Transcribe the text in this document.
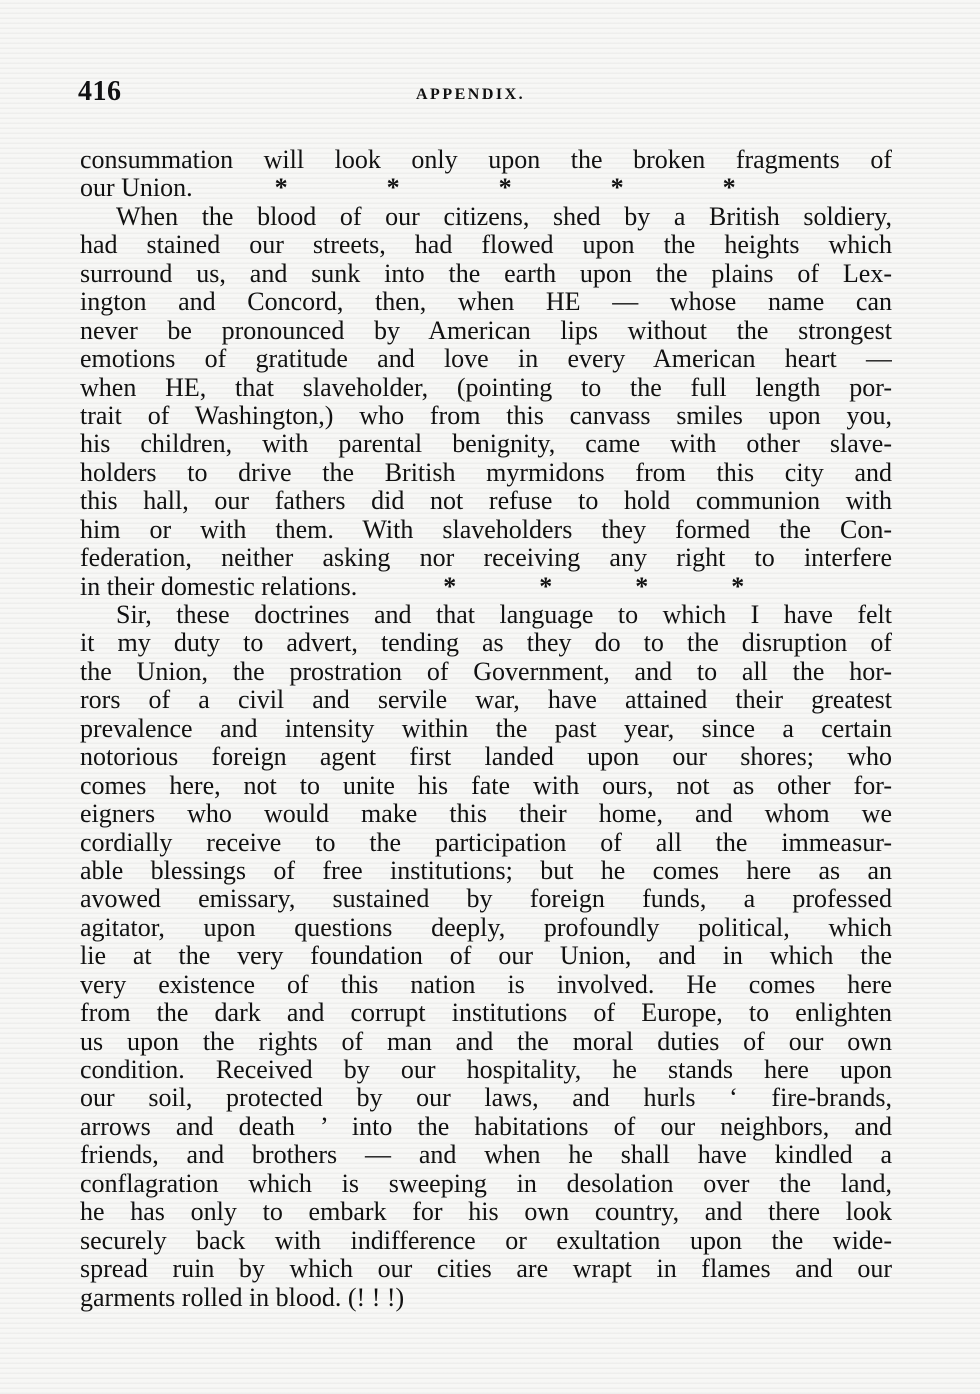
416	APPENDIX.
consummation will look only upon the broken fragments of
our Union.	*	*	*	*	*
When the blood of our citizens, shed by a British soldiery,
had stained our streets, had flowed upon the heights which
surround us, and sunk into the earth upon the plains of Lex-
ington and Concord, then, when HE — whose name can
never be pronounced by American lips without the strongest
emotions of gratitude and love in every American heart —
when HE, that slaveholder, (pointing to the full length por-
trait of Washington,) who from this canvass smiles upon you,
his children, with parental benignity, came with other slave-
holders to drive the British myrmidons from this city and
this hall, our fathers did not refuse to hold communion with
him or with them. With slaveholders they formed the Con-
federation, neither asking nor receiving any right to interfere
in their domestic relations.	*	*	*	*
Sir, these doctrines and that language to which I have felt
it my duty to advert, tending as they do to the disruption of
the Union, the prostration of Government, and to all the hor-
rors of a civil and servile war, have attained their greatest
prevalence and intensity within the past year, since a certain
notorious foreign agent first landed upon our shores; who
comes here, not to unite his fate with ours, not as other for-
eigners who would make this their home, and whom we
cordially receive to the participation of all the immeasur-
able blessings of free institutions; but he comes here as an
avowed emissary, sustained by foreign funds, a professed
agitator, upon questions deeply, profoundly political, which
lie at the very foundation of our Union, and in which the
very existence of this nation is involved. He comes here
from the dark and corrupt institutions of Europe, to enlighten
us upon the rights of man and the moral duties of our own
condition. Received by our hospitality, he stands here upon
our soil, protected by our laws, and hurls ‘ fire-brands,
arrows and death ’ into the habitations of our neighbors, and
friends, and brothers — and when he shall have kindled a
conflagration which is sweeping in desolation over the land,
he has only to embark for his own country, and there look
securely back with indifference or exultation upon the wide-
spread ruin by which our cities are wrapt in flames and our
garments rolled in blood. (! ! !)
